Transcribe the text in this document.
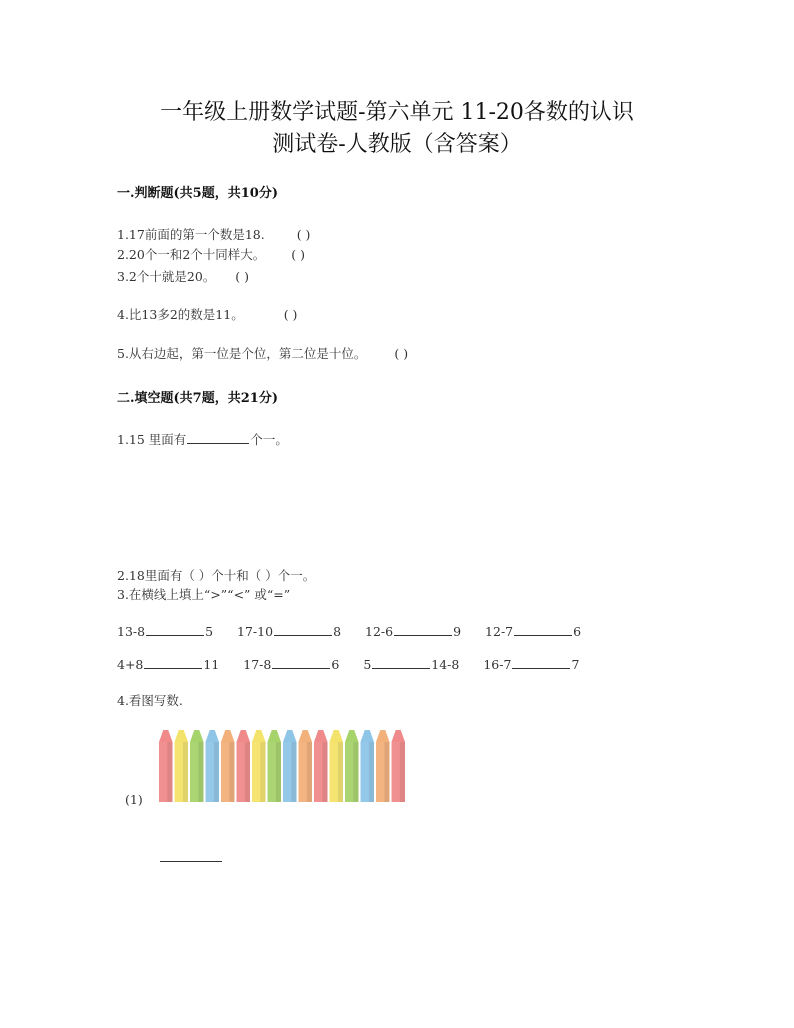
一年级上册数学试题-第六单元 11-20各数的认识
测试卷-人教版（含答案）
一.判断题(共5题，共10分)
1.17前面的第一个数是18.	( )
2.20个一和2个十同样大。 ( )
3.2个十就是20。 ( )
4.比13多2的数是11。	( )
5.从右边起，第一位是个位，第二位是十位。 ( )
二.填空题(共7题，共21分)
1.15 里面有	个一。
2.18里面有（ ）个十和（ ）个一。
3.在横线上填上“>”“<” 或“=”
13-8	5 17-10	8 12-6	9 12-7	6
4+8	11 17-8	6 5	14-8 16-7	7
4.看图写数.
(1)
